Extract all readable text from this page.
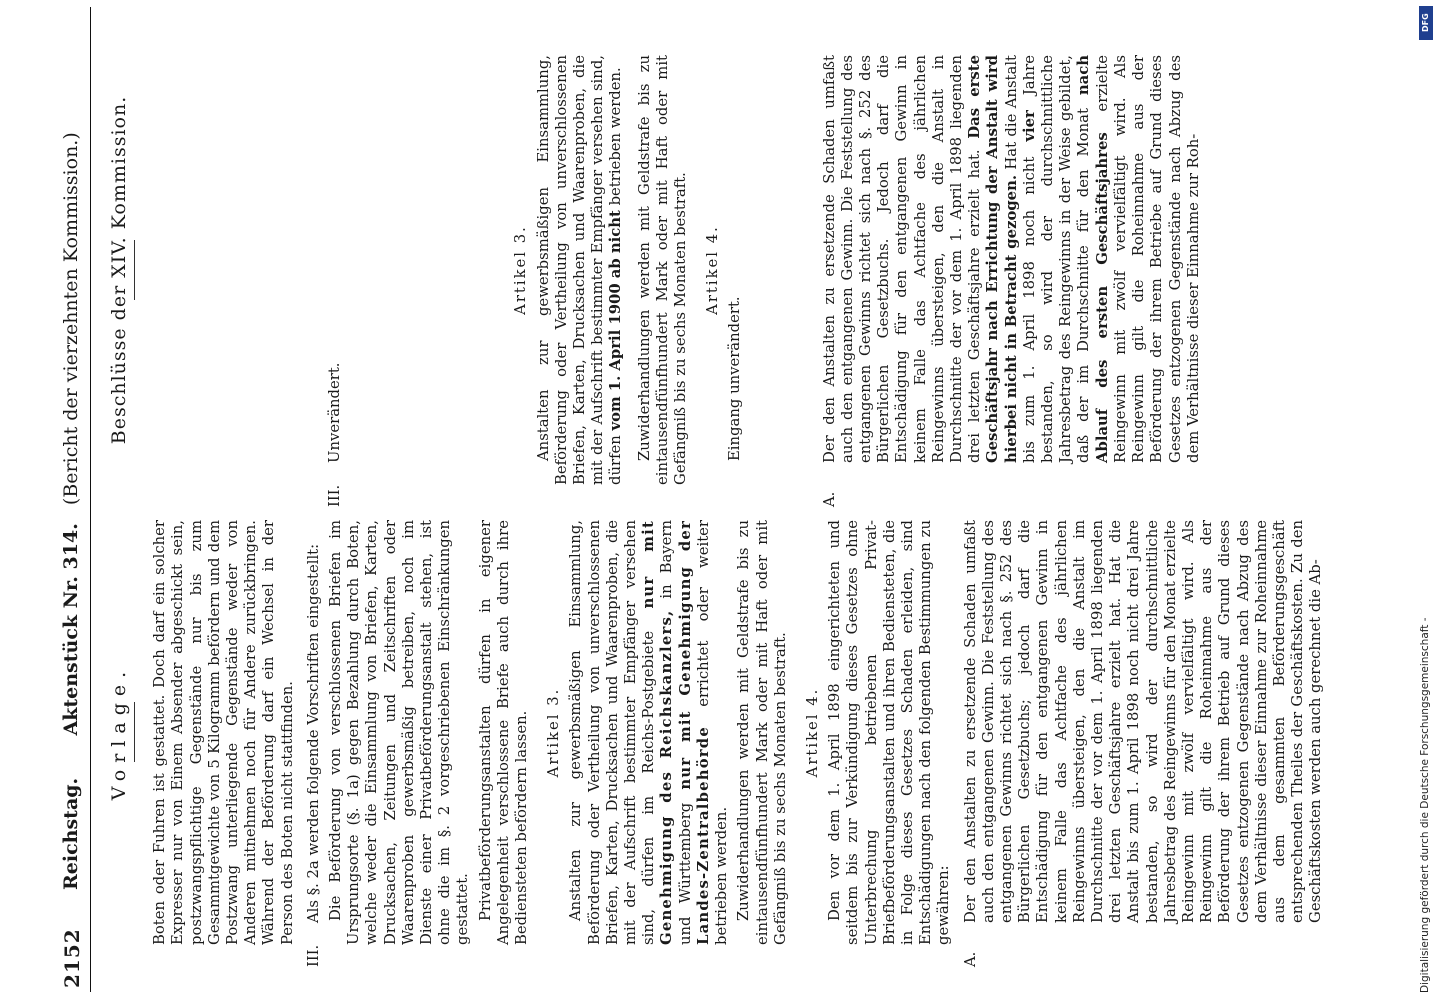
2152
Reichstag.       Aktenstück Nr. 314.   (Bericht der vierzehnten Kommission.)
Vorlage. Boten oder Fuhren ist gestattet. Doch darf ein solcher Expresser nur von Einem Absender abgeschickt sein, postzwangspflichtige Gegenstände nur bis zum Gesammtgewichte von 5 Kilogramm befördern und dem Postzwang unterliegende Gegenstände weder von Anderen mitnehmen noch für Andere zurückbringen. Während der Beförderung darf ein Wechsel in der Person des Boten nicht stattfinden.

III.Als §. 2a werden folgende Vorschriften eingestellt: Die Beförderung von verschlossenen Briefen im Ursprungsorte (§. 1a) gegen Bezahlung durch Boten, welche weder die Einsammlung von Briefen, Karten, Drucksachen, Zeitungen und Zeitschriften oder Waarenproben gewerbsmäßig betreiben, noch im Dienste einer Privatbeförderungsanstalt stehen, ist ohne die im §. 2 vorgeschriebenen Einschränkungen gestattet. Privatbeförderungsanstalten dürfen in eigener Angelegenheit verschlossene Briefe auch durch ihre Bediensteten befördern lassen. Artikel 3. Anstalten zur gewerbsmäßigen Einsammlung, Beförderung oder Vertheilung von unverschlossenen Briefen, Karten, Drucksachen und Waarenproben, die mit der Aufschrift bestimmter Empfänger versehen sind, dürfen im Reichs-Postgebiete nur mit Genehmigung des Reichskanzlers, in Bayern und Württemberg nur mit Genehmigung der Landes-Zentralbehörde errichtet oder weiter betrieben werden. Zuwiderhandlungen werden mit Geldstrafe bis zu eintausendfünfhundert Mark oder mit Haft oder mit Gefängniß bis zu sechs Monaten bestraft. Artikel 4. Den vor dem 1. April 1898 eingerichteten und seitdem bis zur Verkündigung dieses Gesetzes ohne Unterbrechung betriebenen Privat-Briefbeförderungsanstalten und ihren Bediensteten, die in Folge dieses Gesetzes Schaden erleiden, sind Entschädigungen nach den folgenden Bestimmungen zu gewähren:

A.Der den Anstalten zu ersetzende Schaden umfaßt auch den entgangenen Gewinn. Die Feststellung des entgangenen Gewinns richtet sich nach §. 252 des Bürgerlichen Gesetzbuchs; jedoch darf die Entschädigung für den entgangenen Gewinn in keinem Falle das Achtfache des jährlichen Reingewinns übersteigen, den die Anstalt im Durchschnitte der vor dem 1. April 1898 liegenden drei letzten Geschäftsjahre erzielt hat. Hat die Anstalt bis zum 1. April 1898 noch nicht drei Jahre bestanden, so wird der durchschnittliche Jahresbetrag des Reingewinns für den Monat erzielte Reingewinn mit zwölf vervielfältigt wird. Als Reingewinn gilt die Roheinnahme aus der Beförderung der ihrem Betrieb auf Grund dieses Gesetzes entzogenen Gegenstände nach Abzug des dem Verhältnisse dieser Einnahme zur Roheinnahme aus dem gesammten Beförderungsgeschäft entsprechenden Theiles der Geschäftskosten. Zu den Geschäftskosten werden auch gerechnet die Ab-

Beschlüsse der XIV. Kommission.

III.Unverändert.

Artikel 3. Anstalten zur gewerbsmäßigen Einsammlung, Beförderung oder Vertheilung von unverschlossenen Briefen, Karten, Drucksachen und Waarenproben, die mit der Aufschrift bestimmter Empfänger versehen sind, dürfen vom 1. April 1900 ab nicht betrieben werden. Zuwiderhandlungen werden mit Geldstrafe bis zu eintausendfünfhundert Mark oder mit Haft oder mit Gefängniß bis zu sechs Monaten bestraft. Artikel 4.

Eingang unverändert.

A.Der den Anstalten zu ersetzende Schaden umfaßt auch den entgangenen Gewinn. Die Feststellung des entgangenen Gewinns richtet sich nach §. 252 des Bürgerlichen Gesetzbuchs. Jedoch darf die Entschädigung für den entgangenen Gewinn in keinem Falle das Achtfache des jährlichen Reingewinns übersteigen, den die Anstalt in Durchschnitte der vor dem 1. April 1898 liegenden drei letzten Geschäftsjahre erzielt hat. Das erste Geschäftsjahr nach Errichtung der Anstalt wird hierbei nicht in Betracht gezogen. Hat die Anstalt bis zum 1. April 1898 noch nicht vier Jahre bestanden, so wird der durchschnittliche Jahresbetrag des Reingewinns in der Weise gebildet, daß der im Durchschnitte für den Monat nach Ablauf des ersten Geschäftsjahres erzielte Reingewinn mit zwölf vervielfältigt wird. Als Reingewinn gilt die Roheinnahme aus der Beförderung der ihrem Betriebe auf Grund dieses Gesetzes entzogenen Gegenstände nach Abzug des dem Verhältnisse dieser Einnahme zur Roh-

Digitalisierung gefördert durch die Deutsche Forschungsgemeinschaft -
DFG
